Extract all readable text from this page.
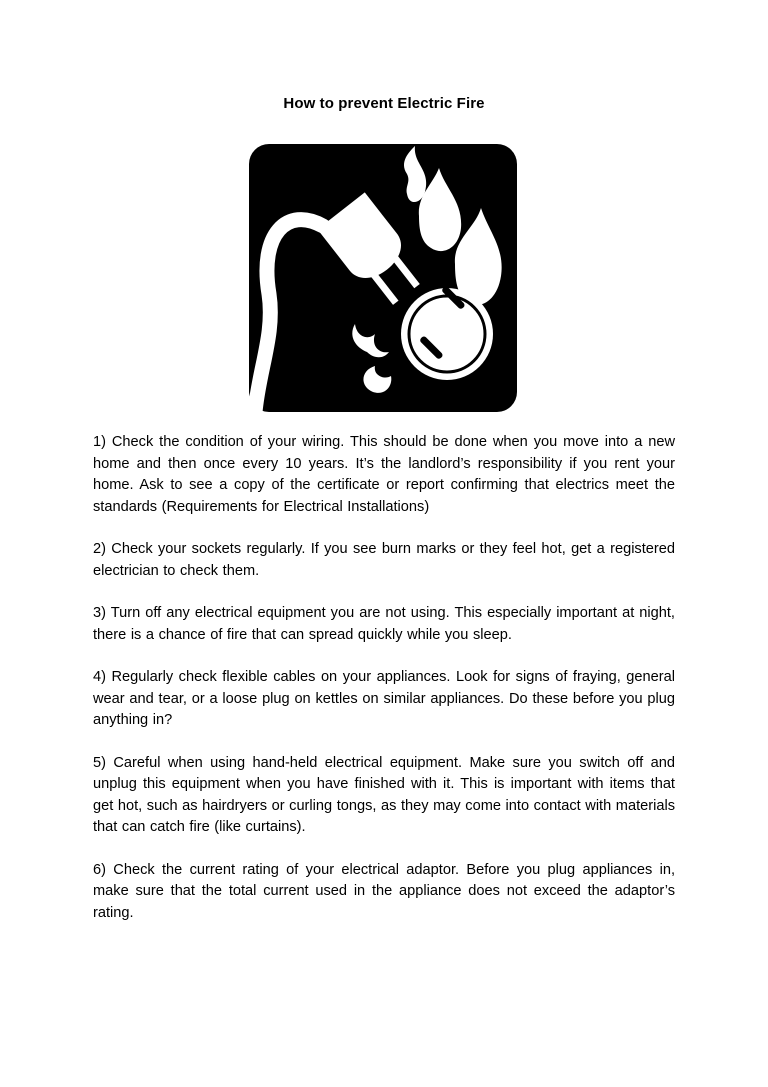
How to prevent Electric Fire

1) Check the condition of your wiring. This should be done when you move into a new home and then once every 10 years. It’s the landlord’s responsibility if you rent your home. Ask to see a copy of the certificate or report confirming that electrics meet the standards (Requirements for Electrical Installations)

2) Check your sockets regularly. If you see burn marks or they feel hot, get a registered electrician to check them.

3) Turn off any electrical equipment you are not using. This especially important at night, there is a chance of fire that can spread quickly while you sleep.

4) Regularly check flexible cables on your appliances. Look for signs of fraying, general wear and tear, or a loose plug on kettles on similar appliances. Do these before you plug anything in?

5) Careful when using hand-held electrical equipment. Make sure you switch off and unplug this equipment when you have finished with it. This is important with items that get hot, such as hairdryers or curling tongs, as they may come into contact with materials that can catch fire (like curtains).

6) Check the current rating of your electrical adaptor. Before you plug appliances in, make sure that the total current used in the appliance does not exceed the adaptor’s rating.
